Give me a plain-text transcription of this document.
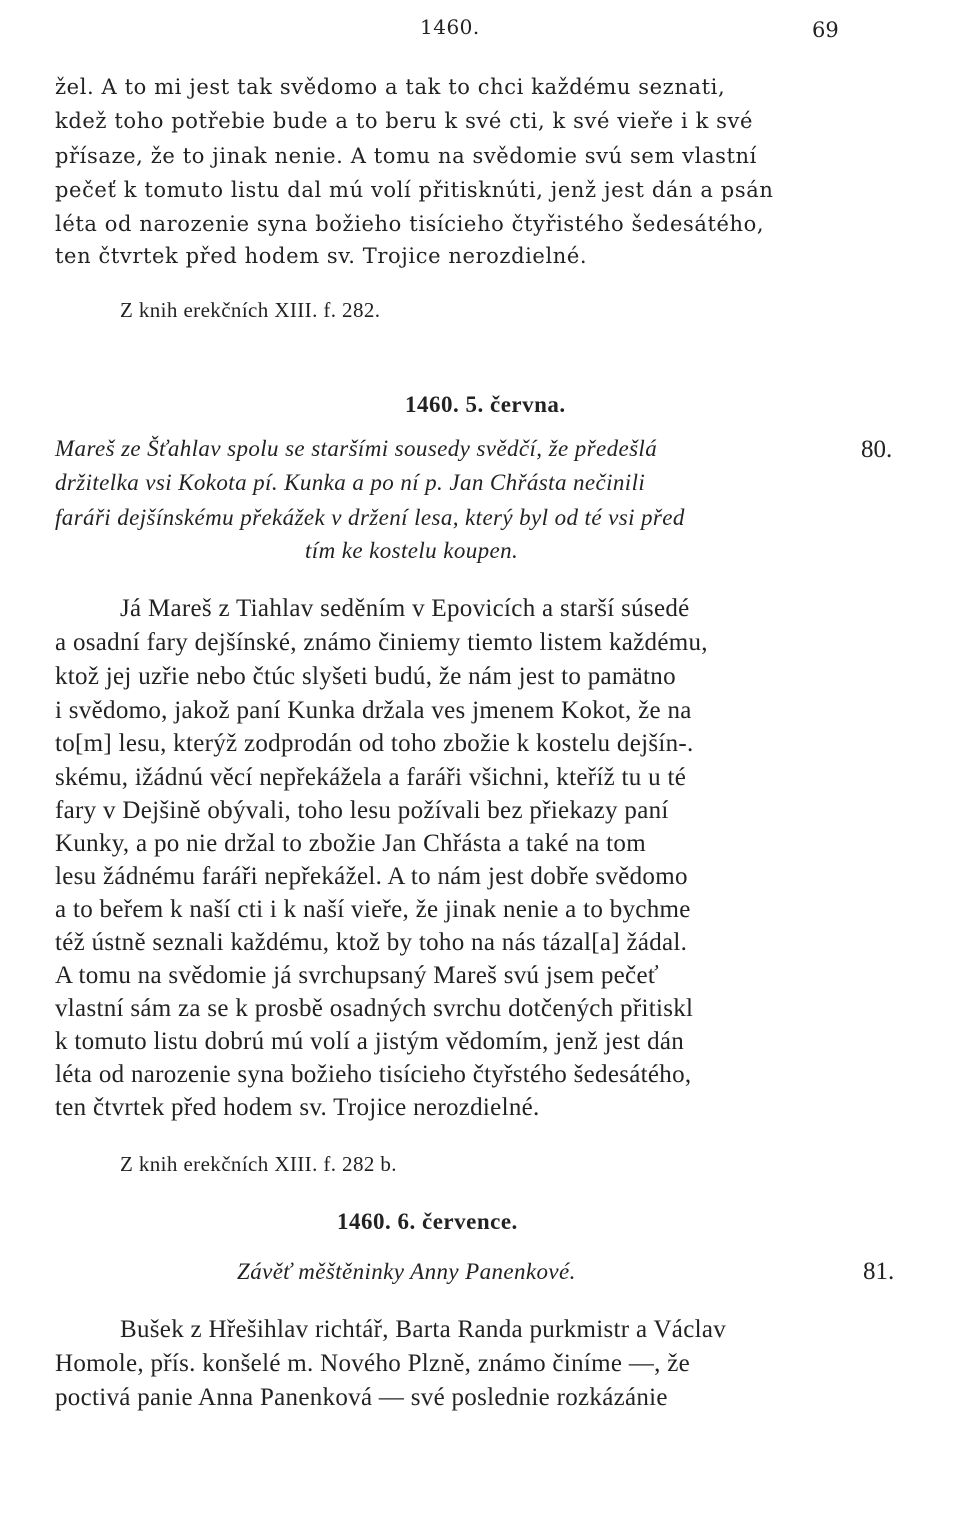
1460.	69
žel. A to mi jest tak svědomo a tak to chci každému seznati,
kdež toho potřebie bude a to beru k své cti, k své vieře i k své
přísaze, že to jinak nenie. A tomu na svědomie svú sem vlastní
pečeť k tomuto listu dal mú volí přitisknúti, jenž jest dán a psán
léta od narozenie syna božieho tisícieho čtyřistého šedesátého,
ten čtvrtek před hodem sv. Trojice nerozdielné.
Z knih erekčních XIII. f. 282.
1460. 5. června.
80.
Mareš ze Šťahlav spolu se staršími sousedy svědčí, že předešlá
držitelka vsi Kokota pí. Kunka a po ní p. Jan Chřásta nečinili
faráři dejšínskému překážek v držení lesa, který byl od té vsi před
tím ke kostelu koupen.
Já Mareš z Tiahlav seděním v Epovicích a starší súsedé
a osadní fary dejšínské, známo činiemy tiemto listem každému,
ktož jej uzřie nebo čtúc slyšeti budú, že nám jest to pamätno
i svědomo, jakož paní Kunka držala ves jmenem Kokot, že na
to[m] lesu, kterýž zodprodán od toho zbožie k kostelu dejšín-.
skému, ižádnú věcí nepřekážela a faráři všichni, kteříž tu u té
fary v Dejšině obývali, toho lesu požívali bez přiekazy paní
Kunky, a po nie držal to zbožie Jan Chřásta a také na tom
lesu žádnému faráři nepřekážel. A to nám jest dobře svědomo
a to beřem k naší cti i k naší vieře, že jinak nenie a to bychme
též ústně seznali každému, ktož by toho na nás tázal[a] žádal.
A tomu na svědomie já svrchupsaný Mareš svú jsem pečeť
vlastní sám za se k prosbě osadných svrchu dotčených přitiskl
k tomuto listu dobrú mú volí a jistým vědomím, jenž jest dán
léta od narozenie syna božieho tisícieho čtyřstého šedesátého,
ten čtvrtek před hodem sv. Trojice nerozdielné.
Z knih erekčních XIII. f. 282 b.
1460. 6. července.
Závěť měštěninky Anny Panenkové.	81.
Bušek z Hřešihlav richtář, Barta Randa purkmistr a Václav
Homole, přís. konšelé m. Nového Plzně, známo činíme —, že
poctivá panie Anna Panenková — své poslednie rozkázánie
